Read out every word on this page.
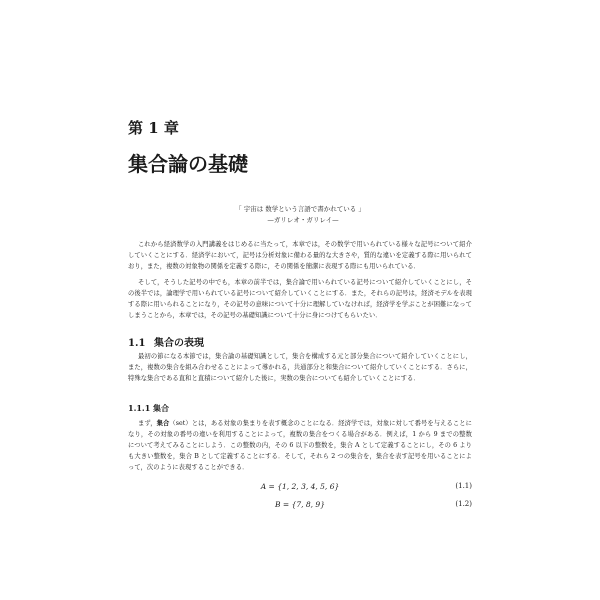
第 1 章
集合論の基礎
「 宇宙は 数学という言語で書かれている 」
—ガリレオ・ガリレイ—

これから経済数学の入門講義をはじめるに当たって，本章では，その数学で用いられている様々な記号について紹介していくことにする．経済学において，記号は分析対象に備わる量的な大きさや，質的な違いを定義する際に用いられており，また，複数の対象物の関係を定義する際に，その関係を簡潔に表現する際にも用いられている．

そして，そうした記号の中でも，本章の前半では，集合論で用いられている記号について紹介していくことにし，その後半では，論理学で用いられている記号について紹介していくことにする．また，それらの記号は，経済モデルを表現する際に用いられることになり，その記号の意味について十分に理解していなければ，経済学を学ぶことが困難になってしまうことから，本章では，その記号の基礎知識について十分に身につけてもらいたい．

1.1 集合の表現

最初の節になる本節では，集合論の基礎知識として，集合を構成する元と部分集合について紹介していくことにし，また，複数の集合を組み合わせることによって導かれる，共通部分と和集合について紹介していくことにする．さらに，特殊な集合である直和と直積について紹介した後に，実数の集合についても紹介していくことにする．

1.1.1 集合

まず，集合（set）とは，ある対象の集まりを表す概念のことになる．経済学では，対象に対して番号を与えることになり，その対象の番号の違いを利用することによって，複数の集合をつくる場合がある．例えば，1 から 9 までの整数について考えてみることにしよう．この整数の内，その 6 以下の整数を，集合 A として定義することにし，その 6 よりも大きい整数を，集合 B として定義することにする．そして，それら 2 つの集合を，集合を表す記号を用いることによって，次のように表現することができる．

A = {1, 2, 3, 4, 5, 6}	(1.1)
B = {7, 8, 9}	(1.2)
